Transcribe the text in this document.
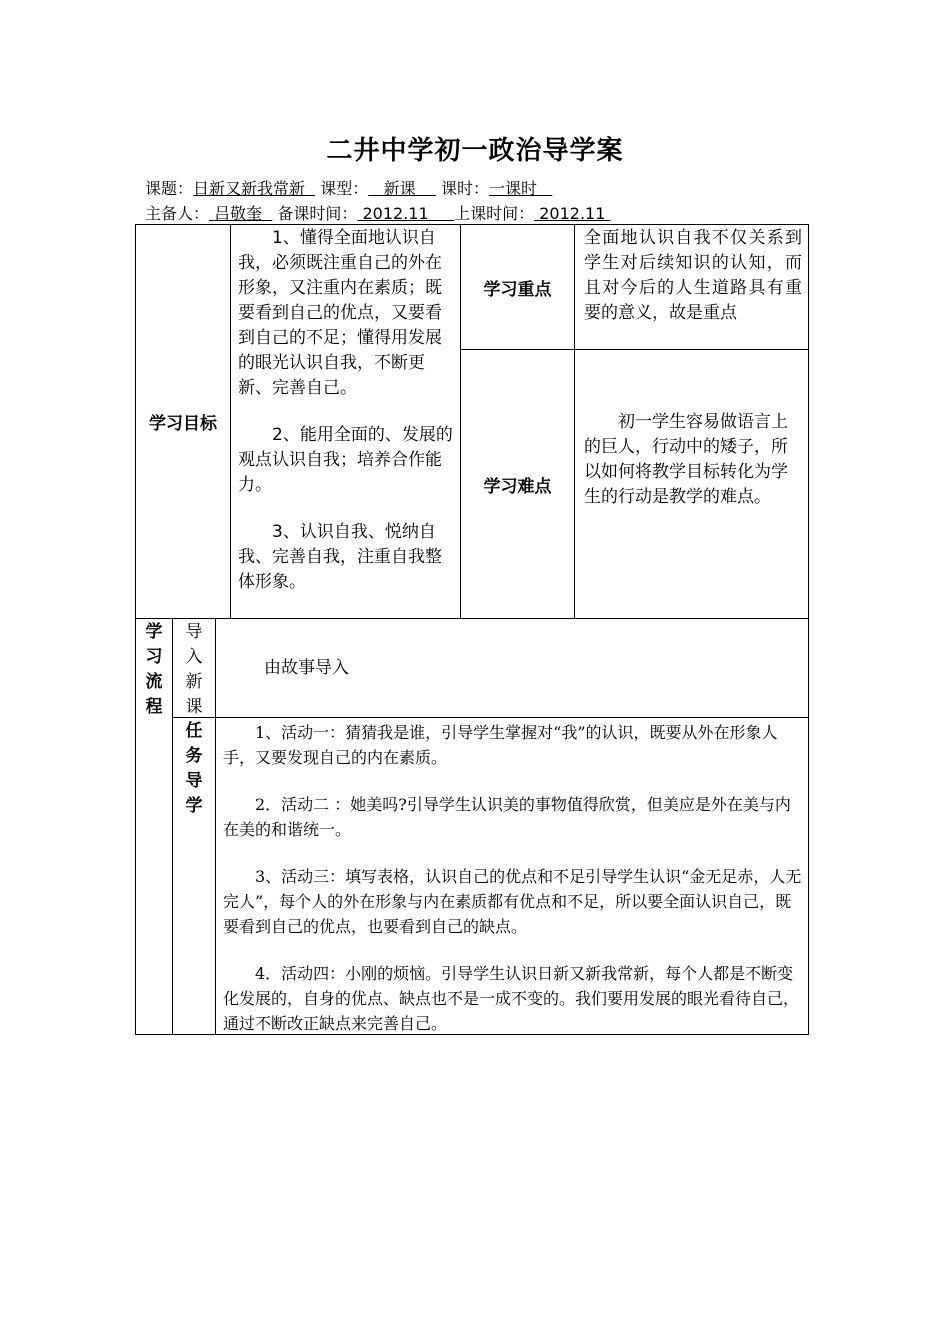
二井中学初一政治导学案
课题：日新又新我常新 课型： 新课 课时：一课时
主备人： 吕敬奎 备课时间： 2012.11 上课时间： 2012.11
学习目标
1、懂得全面地认识自我，必须既注重自己的外在形象，又注重内在素质；既要看到自己的优点，又要看到自己的不足；懂得用发展的眼光认识自我，不断更新、完善自己。
2、能用全面的、发展的观点认识自我；培养合作能力。
3、认识自我、悦纳自我、完善自我，注重自我整体形象。
学习重点
全面地认识自我不仅关系到学生对后续知识的认知，而且对今后的人生道路具有重要的意义，故是重点
学习难点
初一学生容易做语言上的巨人，行动中的矮子，所以如何将教学目标转化为学生的行动是教学的难点。
学
习
流
程
导
入
新
课
由故事导入
任
务
导
学

1、活动一：猜猜我是谁，引导学生掌握对“我”的认识，既要从外在形象人手，又要发现自己的内在素质。

2．活动二 ：她美吗?引导学生认识美的事物值得欣赏，但美应是外在美与内在美的和谐统一。

3、活动三：填写表格，认识自己的优点和不足引导学生认识“金无足赤，人无完人”，每个人的外在形象与内在素质都有优点和不足，所以要全面认识自己，既要看到自己的优点，也要看到自己的缺点。

4．活动四：小刚的烦恼。引导学生认识日新又新我常新，每个人都是不断变化发展的，自身的优点、缺点也不是一成不变的。我们要用发展的眼光看待自己，通过不断改正缺点来完善自己。
